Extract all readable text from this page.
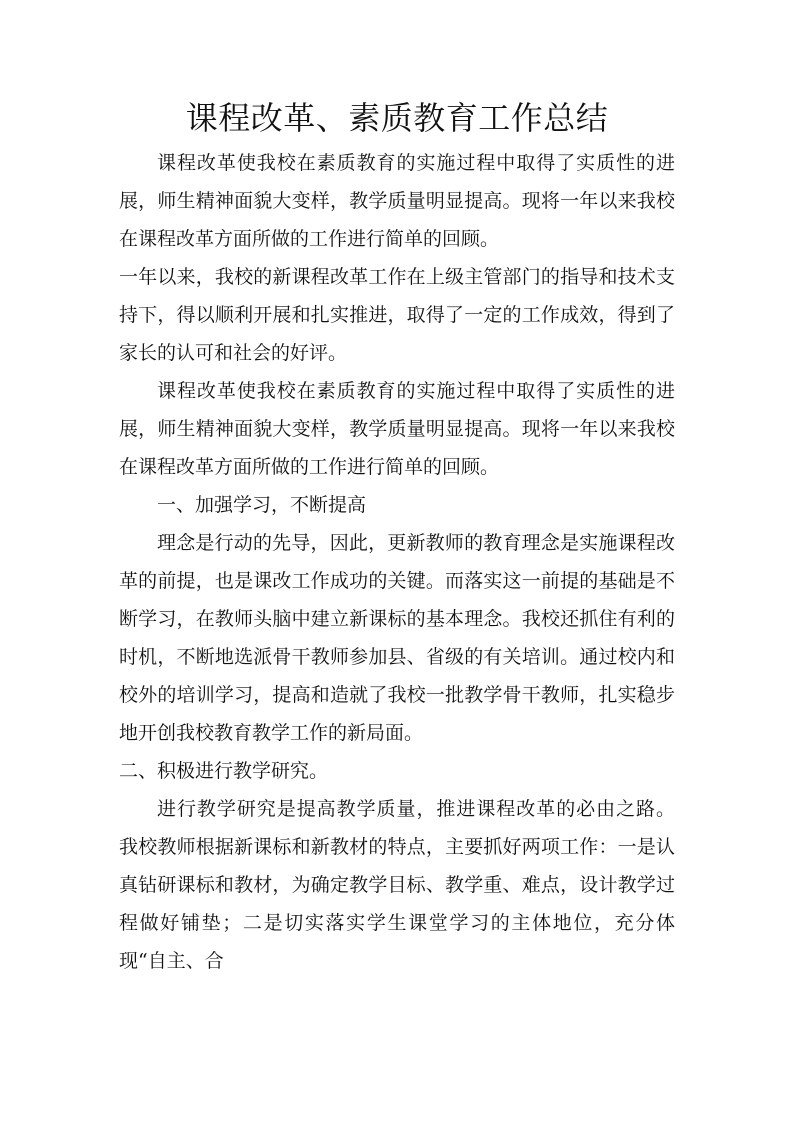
课程改革、素质教育工作总结

课程改革使我校在素质教育的实施过程中取得了实质性的进展，师生精神面貌大变样，教学质量明显提高。现将一年以来我校在课程改革方面所做的工作进行简单的回顾。

一年以来，我校的新课程改革工作在上级主管部门的指导和技术支持下，得以顺利开展和扎实推进，取得了一定的工作成效，得到了家长的认可和社会的好评。

课程改革使我校在素质教育的实施过程中取得了实质性的进展，师生精神面貌大变样，教学质量明显提高。现将一年以来我校在课程改革方面所做的工作进行简单的回顾。

一、加强学习，不断提高

理念是行动的先导，因此，更新教师的教育理念是实施课程改革的前提，也是课改工作成功的关键。而落实这一前提的基础是不断学习，在教师头脑中建立新课标的基本理念。我校还抓住有利的时机，不断地选派骨干教师参加县、省级的有关培训。通过校内和校外的培训学习，提高和造就了我校一批教学骨干教师，扎实稳步地开创我校教育教学工作的新局面。

二、积极进行教学研究。

进行教学研究是提高教学质量，推进课程改革的必由之路。 我校教师根据新课标和新教材的特点，主要抓好两项工作：一是认真钻研课标和教材，为确定教学目标、教学重、难点，设计教学过程做好铺垫；二是切实落实学生课堂学习的主体地位，充分体现“自主、合
